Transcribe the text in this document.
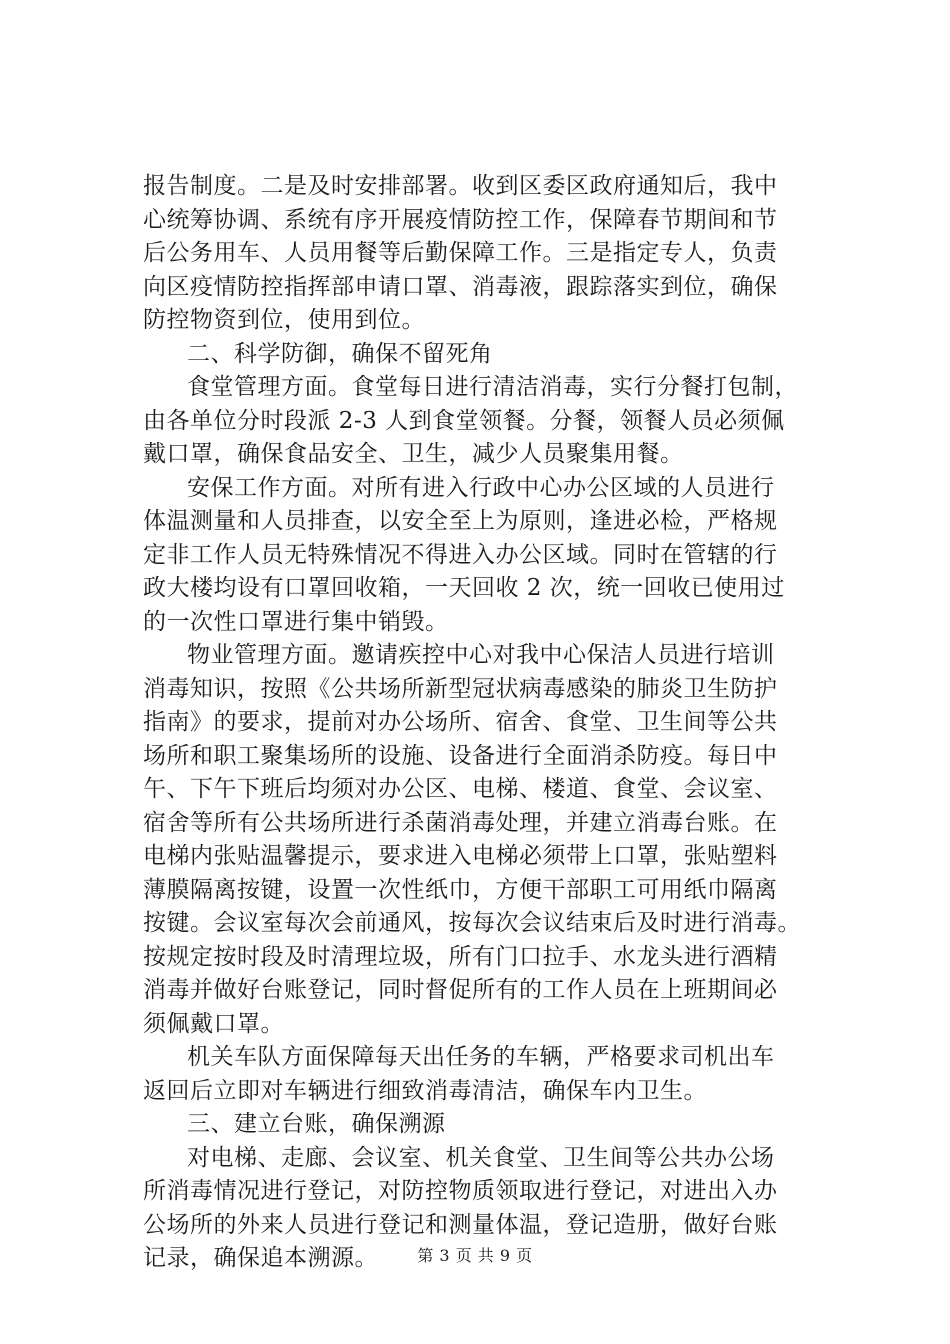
报告制度。二是及时安排部署。收到区委区政府通知后，我中
心统筹协调、系统有序开展疫情防控工作，保障春节期间和节
后公务用车、人员用餐等后勤保障工作。三是指定专人，负责
向区疫情防控指挥部申请口罩、消毒液，跟踪落实到位，确保
防控物资到位，使用到位。
二、科学防御，确保不留死角
食堂管理方面。食堂每日进行清洁消毒，实行分餐打包制，
由各单位分时段派 2-3 人到食堂领餐。分餐，领餐人员必须佩
戴口罩，确保食品安全、卫生，减少人员聚集用餐。
安保工作方面。对所有进入行政中心办公区域的人员进行
体温测量和人员排查，以安全至上为原则，逢进必检，严格规
定非工作人员无特殊情况不得进入办公区域。同时在管辖的行
政大楼均设有口罩回收箱，一天回收 2 次，统一回收已使用过
的一次性口罩进行集中销毁。
物业管理方面。邀请疾控中心对我中心保洁人员进行培训
消毒知识，按照《公共场所新型冠状病毒感染的肺炎卫生防护
指南》的要求，提前对办公场所、宿舍、食堂、卫生间等公共
场所和职工聚集场所的设施、设备进行全面消杀防疫。每日中
午、下午下班后均须对办公区、电梯、楼道、食堂、会议室、
宿舍等所有公共场所进行杀菌消毒处理，并建立消毒台账。在
电梯内张贴温馨提示，要求进入电梯必须带上口罩，张贴塑料
薄膜隔离按键，设置一次性纸巾，方便干部职工可用纸巾隔离
按键。会议室每次会前通风，按每次会议结束后及时进行消毒。
按规定按时段及时清理垃圾，所有门口拉手、水龙头进行酒精
消毒并做好台账登记，同时督促所有的工作人员在上班期间必
须佩戴口罩。
机关车队方面保障每天出任务的车辆，严格要求司机出车
返回后立即对车辆进行细致消毒清洁，确保车内卫生。
三、建立台账，确保溯源
对电梯、走廊、会议室、机关食堂、卫生间等公共办公场
所消毒情况进行登记，对防控物质领取进行登记，对进出入办
公场所的外来人员进行登记和测量体温，登记造册，做好台账
记录，确保追本溯源。	第 3 页 共 9 页
